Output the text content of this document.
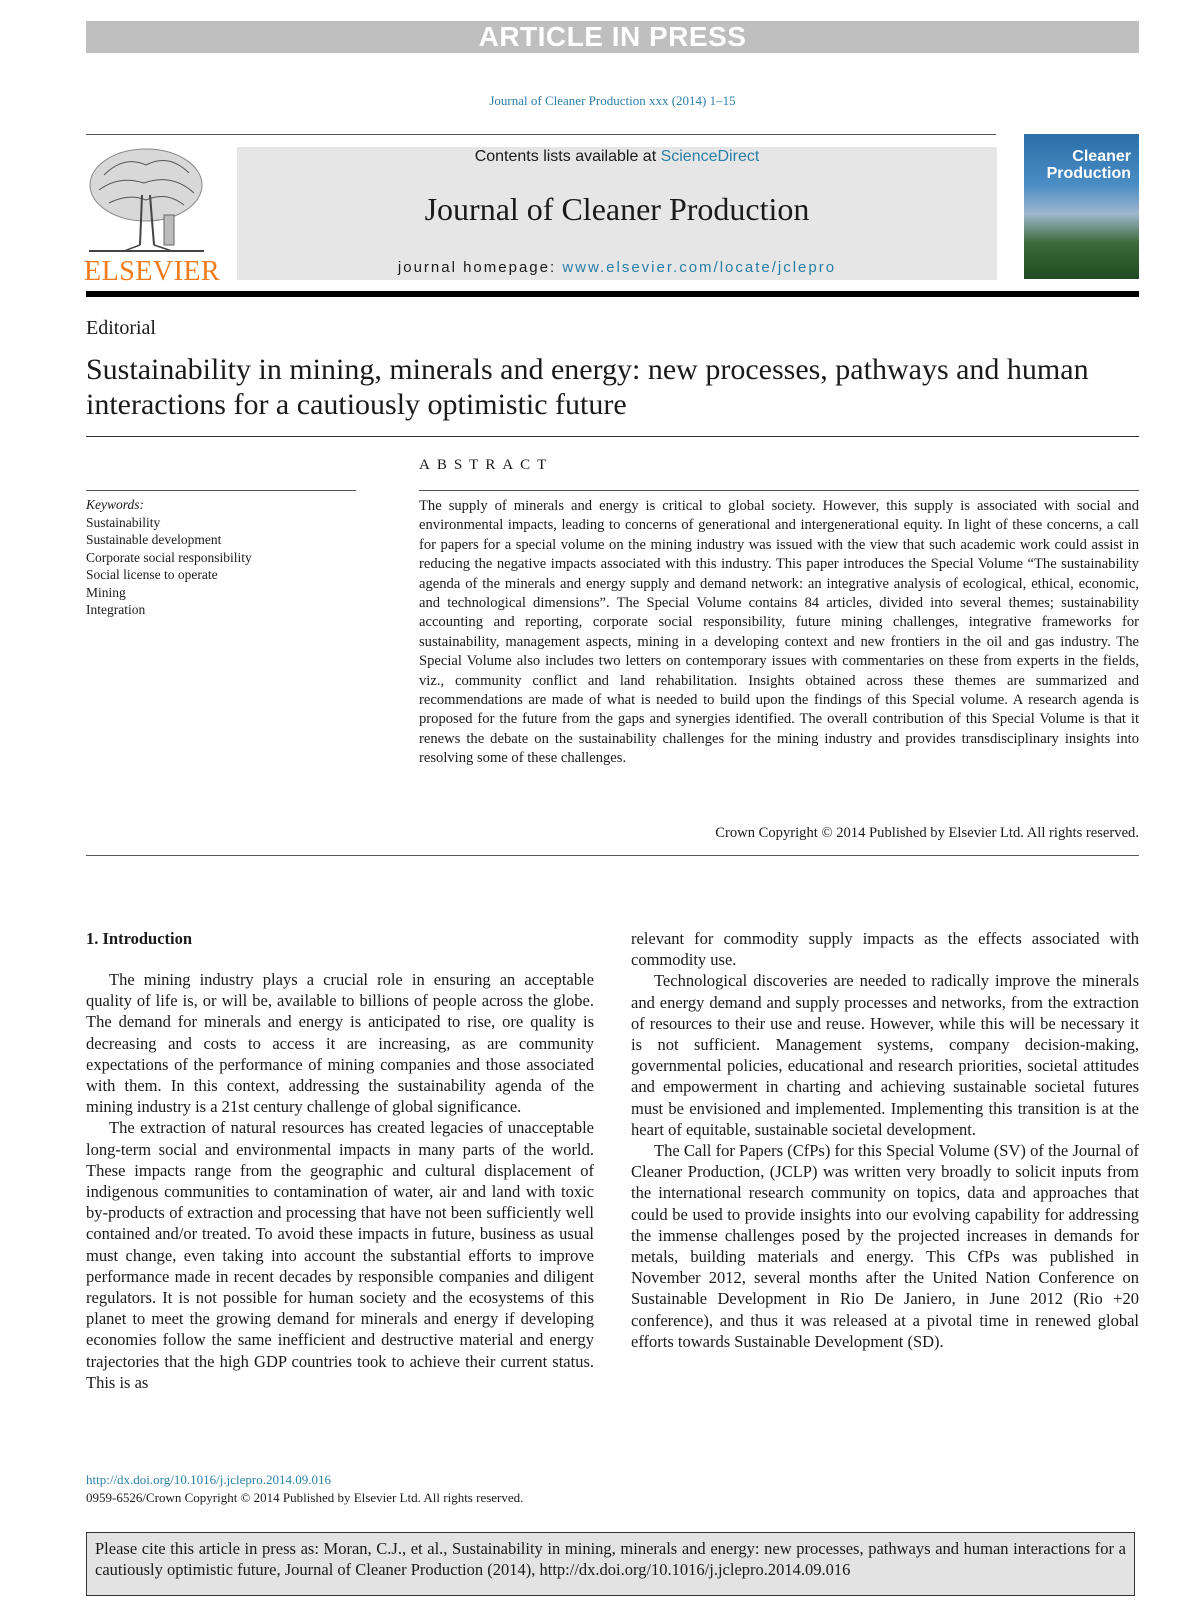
ARTICLE IN PRESS
Journal of Cleaner Production xxx (2014) 1–15
ELSEVIER
Contents lists available at ScienceDirect
Journal of Cleaner Production
journal homepage: www.elsevier.com/locate/jclepro
Cleaner
Production
Editorial
Sustainability in mining, minerals and energy: new processes, pathways and human interactions for a cautiously optimistic future
ABSTRACT
Keywords:
Sustainability
Sustainable development
Corporate social responsibility
Social license to operate
Mining
Integration
The supply of minerals and energy is critical to global society. However, this supply is associated with social and environmental impacts, leading to concerns of generational and intergenerational equity. In light of these concerns, a call for papers for a special volume on the mining industry was issued with the view that such academic work could assist in reducing the negative impacts associated with this industry. This paper introduces the Special Volume “The sustainability agenda of the minerals and energy supply and demand network: an integrative analysis of ecological, ethical, economic, and technological dimensions”. The Special Volume contains 84 articles, divided into several themes; sustainability accounting and reporting, corporate social responsibility, future mining challenges, integrative frameworks for sustainability, management aspects, mining in a developing context and new frontiers in the oil and gas industry. The Special Volume also includes two letters on contemporary issues with commentaries on these from experts in the fields, viz., community conflict and land rehabilitation. Insights obtained across these themes are summarized and recommendations are made of what is needed to build upon the findings of this Special volume. A research agenda is proposed for the future from the gaps and synergies identified. The overall contribution of this Special Volume is that it renews the debate on the sustainability challenges for the mining industry and provides transdisciplinary insights into resolving some of these challenges.
Crown Copyright © 2014 Published by Elsevier Ltd. All rights reserved.
1. Introduction

The mining industry plays a crucial role in ensuring an acceptable quality of life is, or will be, available to billions of people across the globe. The demand for minerals and energy is anticipated to rise, ore quality is decreasing and costs to access it are increasing, as are community expectations of the performance of mining companies and those associated with them. In this context, addressing the sustainability agenda of the mining industry is a 21st century challenge of global significance.

The extraction of natural resources has created legacies of unacceptable long-term social and environmental impacts in many parts of the world. These impacts range from the geographic and cultural displacement of indigenous communities to contamination of water, air and land with toxic by-products of extraction and processing that have not been sufficiently well contained and/or treated. To avoid these impacts in future, business as usual must change, even taking into account the substantial efforts to improve performance made in recent decades by responsible companies and diligent regulators. It is not possible for human society and the ecosystems of this planet to meet the growing demand for minerals and energy if developing economies follow the same inefficient and destructive material and energy trajectories that the high GDP countries took to achieve their current status. This is as

relevant for commodity supply impacts as the effects associated with commodity use.

Technological discoveries are needed to radically improve the minerals and energy demand and supply processes and networks, from the extraction of resources to their use and reuse. However, while this will be necessary it is not sufficient. Management systems, company decision-making, governmental policies, educational and research priorities, societal attitudes and empowerment in charting and achieving sustainable societal futures must be envisioned and implemented. Implementing this transition is at the heart of equitable, sustainable societal development.

The Call for Papers (CfPs) for this Special Volume (SV) of the Journal of Cleaner Production, (JCLP) was written very broadly to solicit inputs from the international research community on topics, data and approaches that could be used to provide insights into our evolving capability for addressing the immense challenges posed by the projected increases in demands for metals, building materials and energy. This CfPs was published in November 2012, several months after the United Nation Conference on Sustainable Development in Rio De Janiero, in June 2012 (Rio +20 conference), and thus it was released at a pivotal time in renewed global efforts towards Sustainable Development (SD).

http://dx.doi.org/10.1016/j.jclepro.2014.09.016
0959-6526/Crown Copyright © 2014 Published by Elsevier Ltd. All rights reserved.
Please cite this article in press as: Moran, C.J., et al., Sustainability in mining, minerals and energy: new processes, pathways and human interactions for a cautiously optimistic future, Journal of Cleaner Production (2014), http://dx.doi.org/10.1016/j.jclepro.2014.09.016
